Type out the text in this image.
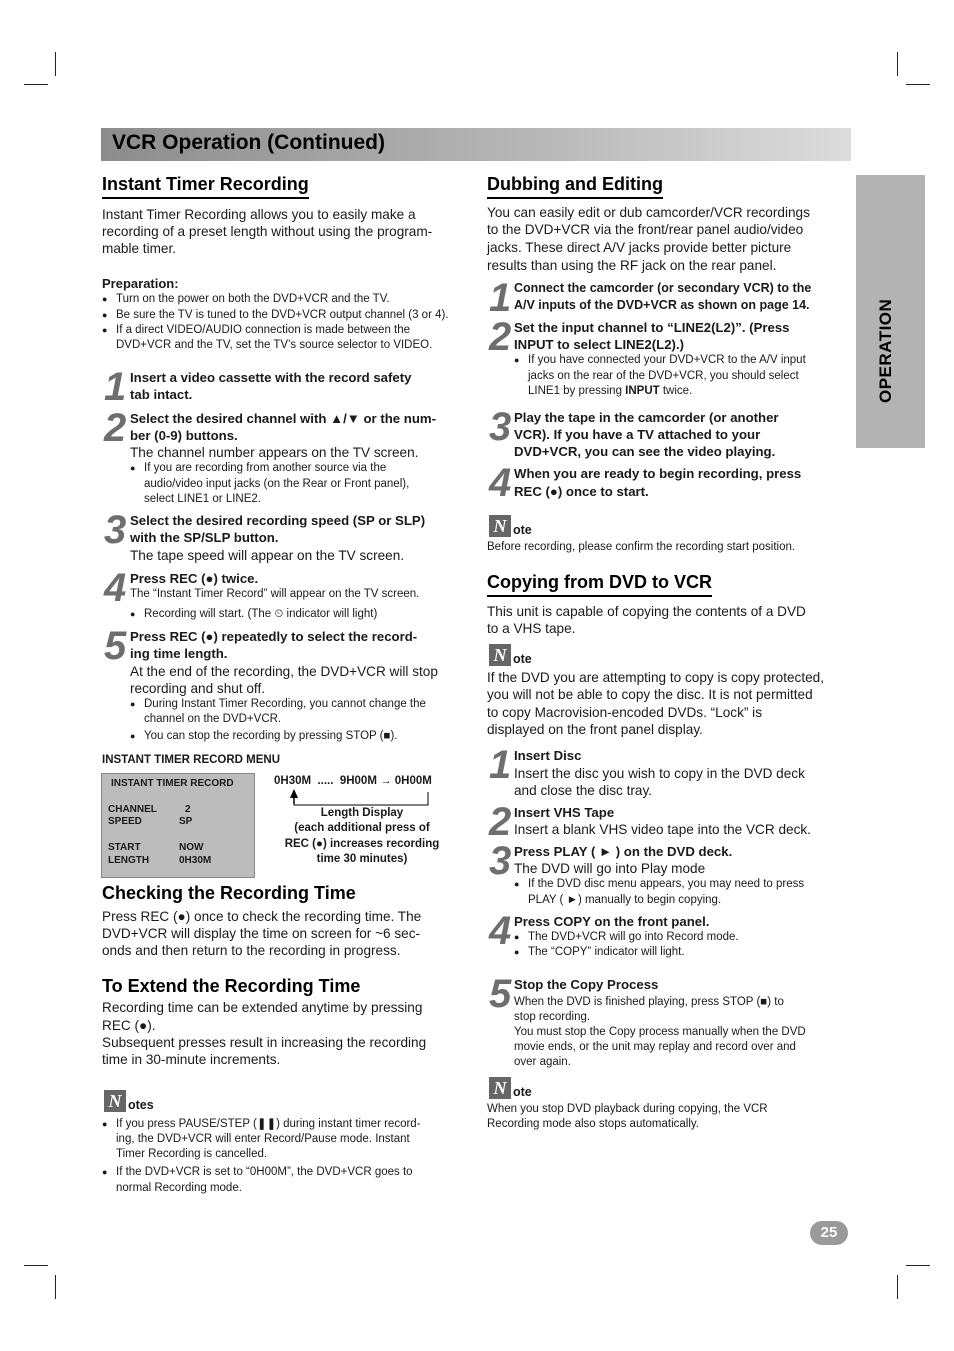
VCR Operation (Continued)
OPERATION
Instant Timer Recording
Instant Timer Recording allows you to easily make a
recording of a preset length without using the program-
mable timer.
Preparation:
● Turn on the power on both the DVD+VCR and the TV.
● Be sure the TV is tuned to the DVD+VCR output channel (3 or 4).
● If a direct VIDEO/AUDIO connection is made between the
DVD+VCR and the TV, set the TV’s source selector to VIDEO.
1 Insert a video cassette with the record safety
tab intact.
2 Select the desired channel with ▲/▼ or the num-
ber (0-9) buttons.
The channel number appears on the TV screen.
● If you are recording from another source via the
audio/video input jacks (on the Rear or Front panel),
select LINE1 or LINE2.
3 Select the desired recording speed (SP or SLP)
with the SP/SLP button.
The tape speed will appear on the TV screen.
4 Press REC (●) twice.
The “Instant Timer Record” will appear on the TV screen.
● Recording will start. (The ⏲ indicator will light)
5 Press REC (●) repeatedly to select the record-
ing time length.
At the end of the recording, the DVD+VCR will stop
recording and shut off.
● During Instant Timer Recording, you cannot change the
channel on the DVD+VCR.
● You can stop the recording by pressing STOP (■).
INSTANT TIMER RECORD MENU
INSTANT TIMER RECORD
CHANNEL	2
SPEED	SP
START	NOW
LENGTH	0H30M
0H30M  .....  9H00M → 0H00M
Length Display
(each additional press of
REC (●) increases recording
time 30 minutes)
Checking the Recording Time
Press REC (●) once to check the recording time. The
DVD+VCR will display the time on screen for ~6 sec-
onds and then return to the recording in progress.
To Extend the Recording Time
Recording time can be extended anytime by pressing
REC (●).
Subsequent presses result in increasing the recording
time in 30-minute increments.
N otes
● If you press PAUSE/STEP (❚❚) during instant timer record-
ing, the DVD+VCR will enter Record/Pause mode. Instant
Timer Recording is cancelled.
● If the DVD+VCR is set to “0H00M”, the DVD+VCR goes to
normal Recording mode.
Dubbing and Editing
You can easily edit or dub camcorder/VCR recordings
to the DVD+VCR via the front/rear panel audio/video
jacks. These direct A/V jacks provide better picture
results than using the RF jack on the rear panel.
1 Connect the camcorder (or secondary VCR) to the
A/V inputs of the DVD+VCR as shown on page 14.
2 Set the input channel to “LINE2(L2)”. (Press
INPUT to select LINE2(L2).)
● If you have connected your DVD+VCR to the A/V input
jacks on the rear of the DVD+VCR, you should select
LINE1 by pressing INPUT twice.
3 Play the tape in the camcorder (or another
VCR). If you have a TV attached to your
DVD+VCR, you can see the video playing.
4 When you are ready to begin recording, press
REC (●) once to start.
N ote
Before recording, please confirm the recording start position.
Copying from DVD to VCR
This unit is capable of copying the contents of a DVD
to a VHS tape.
N ote
If the DVD you are attempting to copy is copy protected,
you will not be able to copy the disc. It is not permitted
to copy Macrovision-encoded DVDs. “Lock” is
displayed on the front panel display.
1 Insert Disc
Insert the disc you wish to copy in the DVD deck
and close the disc tray.
2 Insert VHS Tape
Insert a blank VHS video tape into the VCR deck.
3 Press PLAY ( ► ) on the DVD deck.
The DVD will go into Play mode
● If the DVD disc menu appears, you may need to press
PLAY ( ►) manually to begin copying.
4 Press COPY on the front panel.
● The DVD+VCR will go into Record mode.
● The “COPY” indicator will light.
5 Stop the Copy Process
When the DVD is finished playing, press STOP (■) to
stop recording.
You must stop the Copy process manually when the DVD
movie ends, or the unit may replay and record over and
over again.
N ote
When you stop DVD playback during copying, the VCR
Recording mode also stops automatically.
25
